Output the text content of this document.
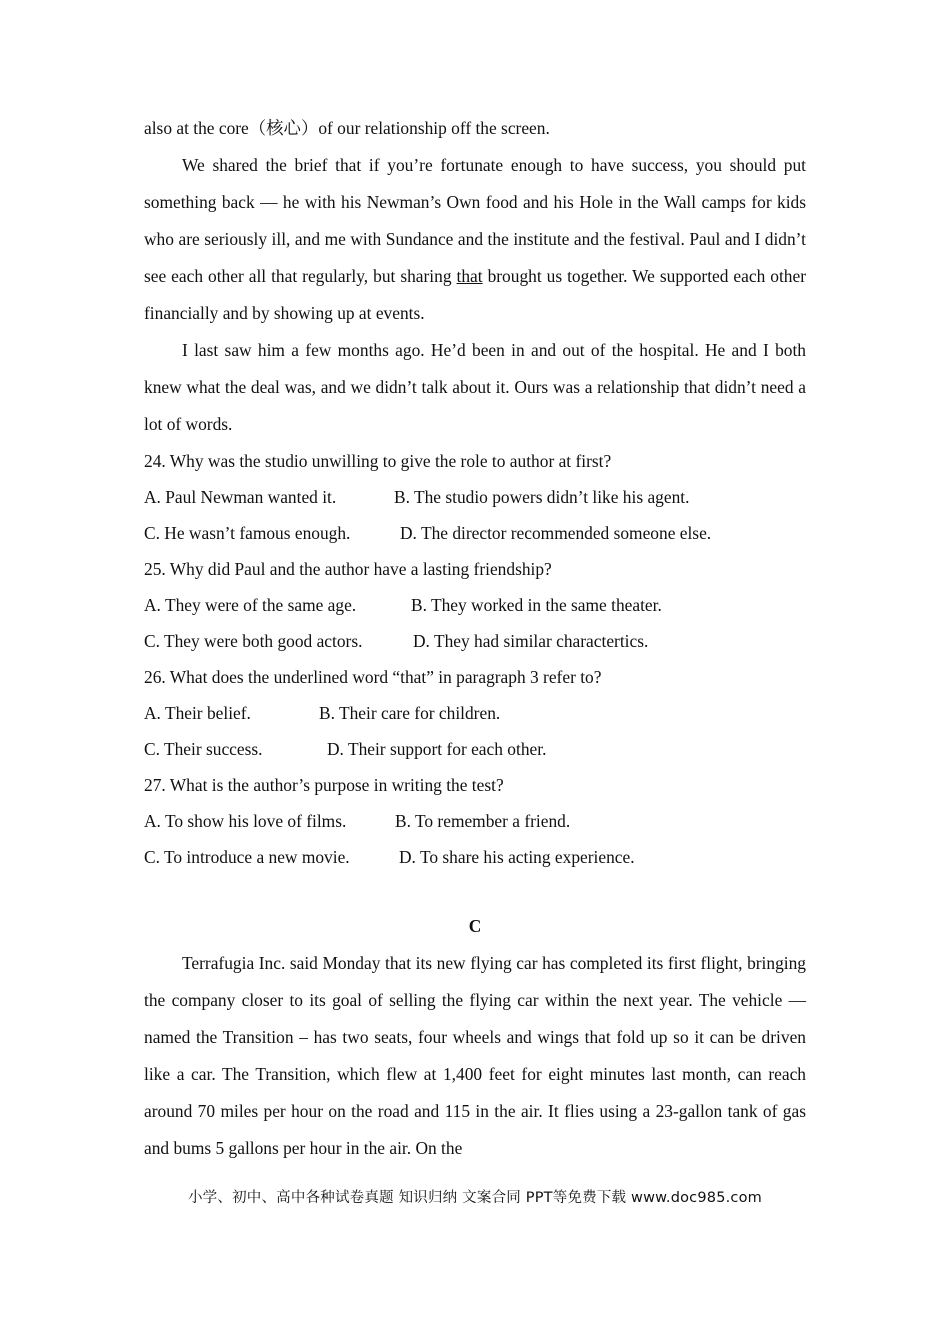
also at the core（核心）of our relationship off the screen.

We shared the brief that if you’re fortunate enough to have success, you should put something back — he with his Newman’s Own food and his Hole in the Wall camps for kids who are seriously ill, and me with Sundance and the institute and the festival. Paul and I didn’t see each other all that regularly, but sharing that brought us together. We supported each other financially and by showing up at events.

I last saw him a few months ago. He’d been in and out of the hospital. He and I both knew what the deal was, and we didn’t talk about it. Ours was a relationship that didn’t need a lot of words.

24. Why was the studio unwilling to give the role to author at first?

A. Paul Newman wanted it.	B. The studio powers didn’t like his agent.

C. He wasn’t famous enough.	D. The director recommended someone else.

25. Why did Paul and the author have a lasting friendship?

A. They were of the same age.	B. They worked in the same theater.

C. They were both good actors.	D. They had similar charactertics.

26. What does the underlined word “that” in paragraph 3 refer to?

A. Their belief.	B. Their care for children.

C. Their success.	D. Their support for each other.

27. What is the author’s purpose in writing the test?

A. To show his love of films.	B. To remember a friend.

C. To introduce a new movie.	D. To share his acting experience.

C

Terrafugia Inc. said Monday that its new flying car has completed its first flight, bringing the company closer to its goal of selling the flying car within the next year. The vehicle — named the Transition – has two seats, four wheels and wings that fold up so it can be driven like a car. The Transition, which flew at 1,400 feet for eight minutes last month, can reach around 70 miles per hour on the road and 115 in the air. It flies using a 23-gallon tank of gas and bums 5 gallons per hour in the air. On the

小学、初中、高中各种试卷真题 知识归纳 文案合同 PPT等免费下载 www.doc985.com
